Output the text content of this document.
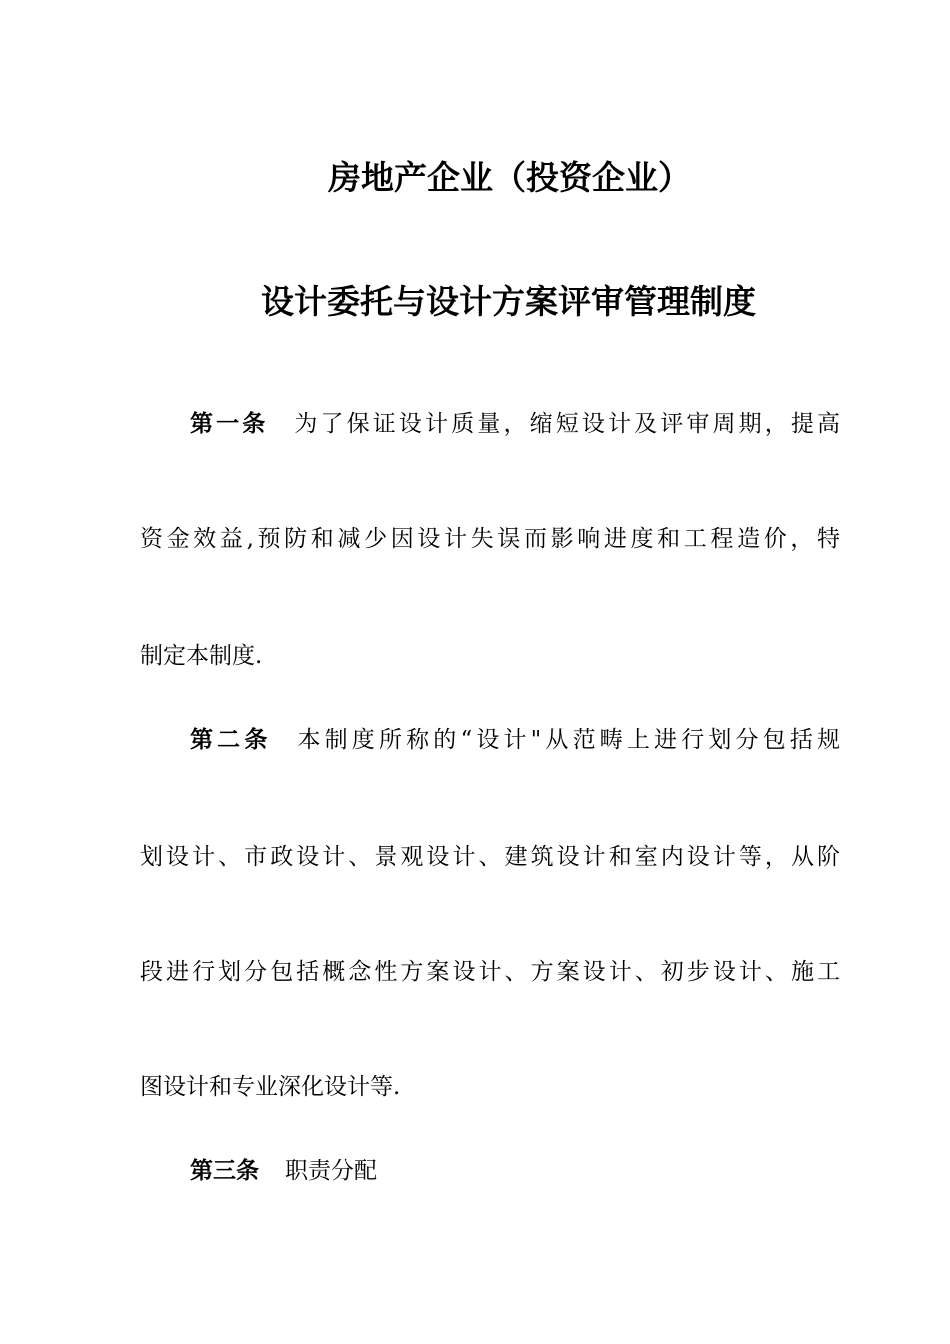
房地产企业（投资企业）
设计委托与设计方案评审管理制度
第一条 为了保证设计质量，缩短设计及评审周期，提高
资金效益,预防和减少因设计失误而影响进度和工程造价，特
制定本制度.
第二条 本制度所称的“设计"从范畴上进行划分包括规
划设计、市政设计、景观设计、建筑设计和室内设计等，从阶
段进行划分包括概念性方案设计、方案设计、初步设计、施工
图设计和专业深化设计等.
第三条 职责分配
